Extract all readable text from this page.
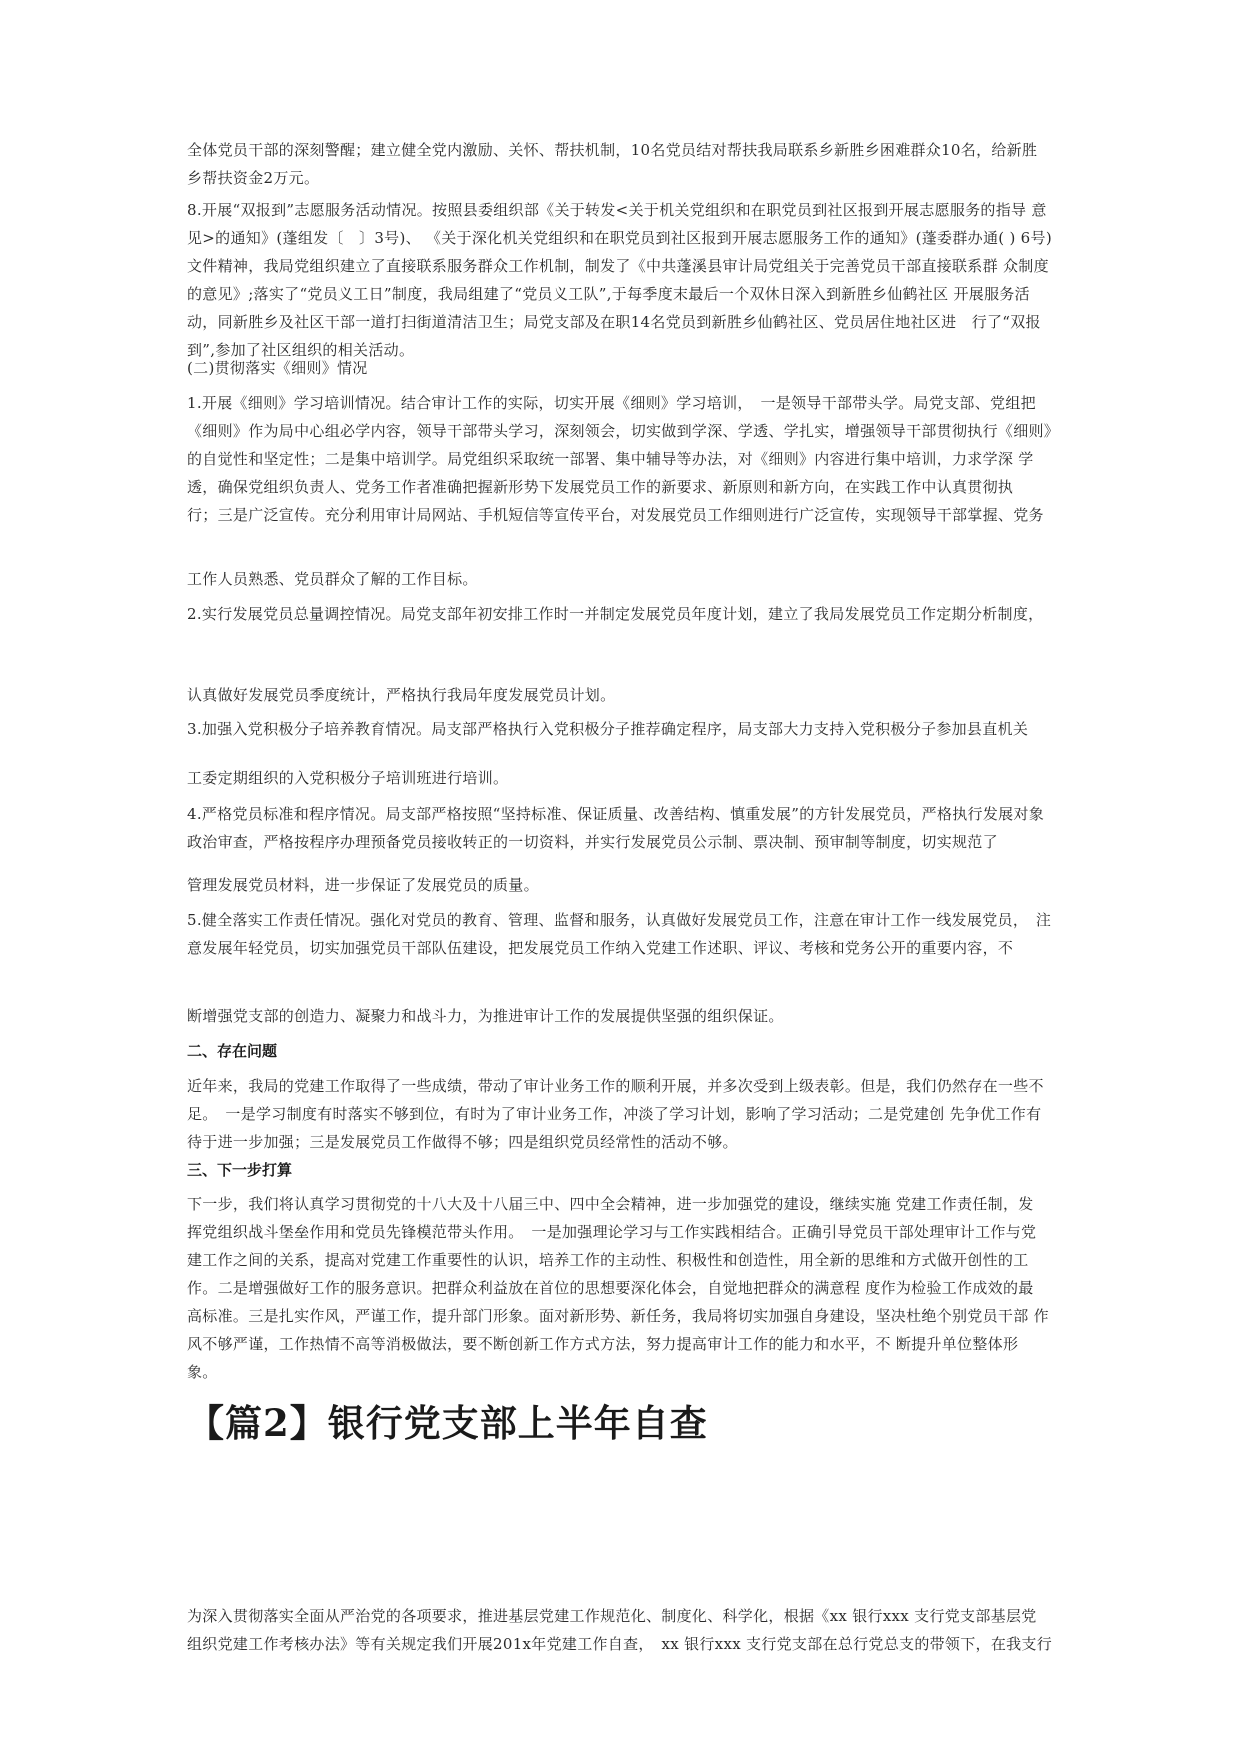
全体党员干部的深刻警醒；建立健全党内激励、关怀、帮扶机制，10名党员结对帮扶我局联系乡新胜乡困难群众10名，给新胜 乡帮扶资金2万元。

8.开展“双报到”志愿服务活动情况。按照县委组织部《关于转发<关于机关党组织和在职党员到社区报到开展志愿服务的指导 意见>的通知》(蓬组发〔　〕3号)、 《关于深化机关党组织和在职党员到社区报到开展志愿服务工作的通知》(蓬委群办通( ) 6号)文件精神，我局党组织建立了直接联系服务群众工作机制，制发了《中共蓬溪县审计局党组关于完善党员干部直接联系群 众制度的意见》;落实了“党员义工日”制度，我局组建了“党员义工队”,于每季度末最后一个双休日深入到新胜乡仙鹤社区 开展服务活动，同新胜乡及社区干部一道打扫街道清洁卫生；局党支部及在职14名党员到新胜乡仙鹤社区、党员居住地社区进　行了“双报到”,参加了社区组织的相关活动。

(二)贯彻落实《细则》情况

1.开展《细则》学习培训情况。结合审计工作的实际，切实开展《细则》学习培训，　一是领导干部带头学。局党支部、党组把《细则》作为局中心组必学内容，领导干部带头学习，深刻领会，切实做到学深、学透、学扎实，增强领导干部贯彻执行《细则》的自觉性和坚定性；二是集中培训学。局党组织采取统一部署、集中辅导等办法，对《细则》内容进行集中培训，力求学深 学透，确保党组织负责人、党务工作者准确把握新形势下发展党员工作的新要求、新原则和新方向，在实践工作中认真贯彻执　行；三是广泛宣传。充分利用审计局网站、手机短信等宣传平台，对发展党员工作细则进行广泛宣传，实现领导干部掌握、党务

工作人员熟悉、党员群众了解的工作目标。

2.实行发展党员总量调控情况。局党支部年初安排工作时一并制定发展党员年度计划，建立了我局发展党员工作定期分析制度，

认真做好发展党员季度统计，严格执行我局年度发展党员计划。

3.加强入党积极分子培养教育情况。局支部严格执行入党积极分子推荐确定程序，局支部大力支持入党积极分子参加县直机关

工委定期组织的入党积极分子培训班进行培训。

4.严格党员标准和程序情况。局支部严格按照“坚持标准、保证质量、改善结构、慎重发展”的方针发展党员，严格执行发展对象政治审查，严格按程序办理预备党员接收转正的一切资料，并实行发展党员公示制、票决制、预审制等制度，切实规范了

管理发展党员材料，进一步保证了发展党员的质量。

5.健全落实工作责任情况。强化对党员的教育、管理、监督和服务，认真做好发展党员工作，注意在审计工作一线发展党员，　注意发展年轻党员，切实加强党员干部队伍建设，把发展党员工作纳入党建工作述职、评议、考核和党务公开的重要内容，不

断增强党支部的创造力、凝聚力和战斗力，为推进审计工作的发展提供坚强的组织保证。

二、存在问题

近年来，我局的党建工作取得了一些成绩，带动了审计业务工作的顺利开展，并多次受到上级表彰。但是，我们仍然存在一些不足。　一是学习制度有时落实不够到位，有时为了审计业务工作，冲淡了学习计划，影响了学习活动；二是党建创 先争优工作有 待于进一步加强；三是发展党员工作做得不够；四是组织党员经常性的活动不够。

三、下一步打算

下一步，我们将认真学习贯彻党的十八大及十八届三中、四中全会精神，进一步加强党的建设，继续实施 党建工作责任制，发 挥党组织战斗堡垒作用和党员先锋模范带头作用。　一是加强理论学习与工作实践相结合。正确引导党员干部处理审计工作与党 建工作之间的关系，提高对党建工作重要性的认识，培养工作的主动性、积极性和创造性，用全新的思维和方式做开创性的工 作。二是增强做好工作的服务意识。把群众利益放在首位的思想要深化体会，自觉地把群众的满意程 度作为检验工作成效的最 高标准。三是扎实作风，严谨工作，提升部门形象。面对新形势、新任务，我局将切实加强自身建设，坚决杜绝个别党员干部 作风不够严谨，工作热情不高等消极做法，要不断创新工作方式方法，努力提高审计工作的能力和水平，不 断提升单位整体形 象。

【篇2】银行党支部上半年自查

为深入贯彻落实全面从严治党的各项要求，推进基层党建工作规范化、制度化、科学化，根据《xx 银行xxx 支行党支部基层党 组织党建工作考核办法》等有关规定我们开展201x年党建工作自查，　xx 银行xxx 支行党支部在总行党总支的带领下，在我支行
